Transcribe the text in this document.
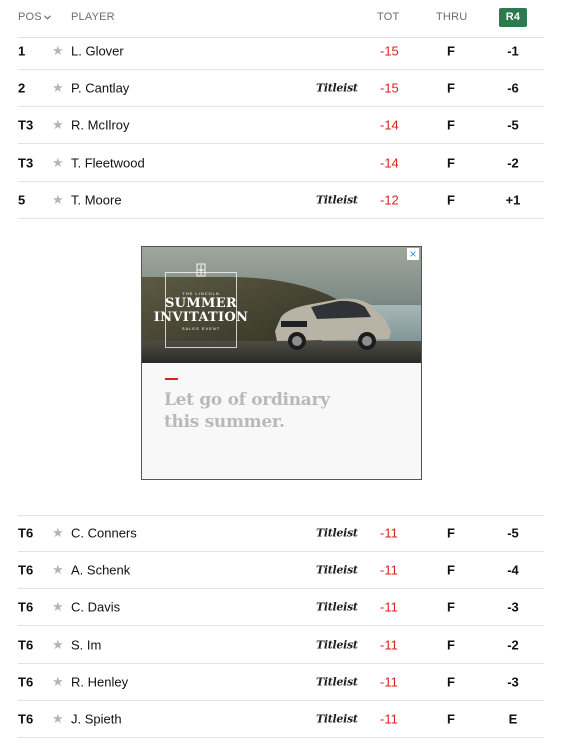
POS	PLAYER	TOT	THRU	R4
1 ★ L. Glover	-15	F	-1
2 ★ P. Cantlay	Titleist -15	F	-6
T3 ★ R. McIlroy	-14	F	-5
T3 ★ T. Fleetwood	-14	F	-2
5 ★ T. Moore	Titleist -12	F	+1
THE LINCOLN
SUMMER
INVITATION
SALES EVENT
×
Let go of ordinary
this summer.
T6 ★ C. Conners	Titleist -11	F	-5
T6 ★ A. Schenk	Titleist -11	F	-4
T6 ★ C. Davis	Titleist -11	F	-3
T6 ★ S. Im	Titleist -11	F	-2
T6 ★ R. Henley	Titleist -11	F	-3
T6 ★ J. Spieth	Titleist -11	F	E
